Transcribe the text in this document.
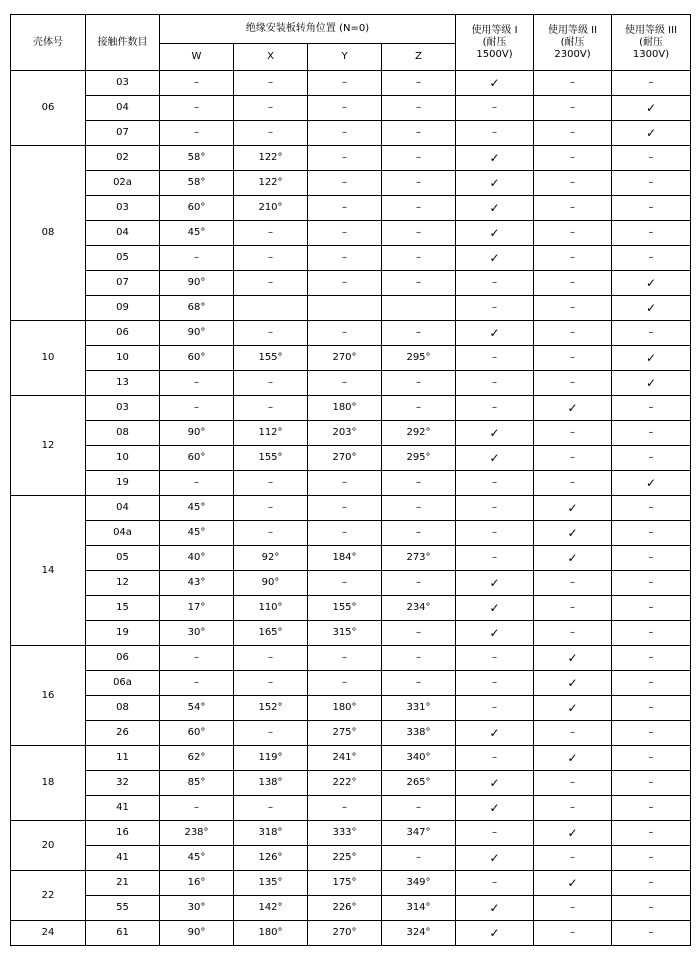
壳体号	接触件数目	绝缘安装板转角位置 (N=0)				使用等级 I
(耐压
1500V)	使用等级 II
(耐压
2300V)	使用等级 III
(耐压
1300V)

		W	X	Y	Z			
06	03	–	–	–	–	✓	–	–
	04	–	–	–	–	–	–	✓
	07	–	–	–	–	–	–	✓
08	02	58°	122°	–	–	✓	–	–
	02a	58°	122°	–	–	✓	–	–
	03	60°	210°	–	–	✓	–	–
	04	45°	–	–	–	✓	–	–
	05	–	–	–	–	✓	–	–
	07	90°	–	–	–	–	–	✓
	09	68°				–	–	✓
10	06	90°	–	–	–	✓	–	–
	10	60°	155°	270°	295°	–	–	✓
	13	–	–	–	–	–	–	✓
12	03	–	–	180°	–	–	✓	–
	08	90°	112°	203°	292°	✓	–	–
	10	60°	155°	270°	295°	✓	–	–
	19	–	–	–	–	–	–	✓
14	04	45°	–	–	–	–	✓	–
	04a	45°	–	–	–	–	✓	–
	05	40°	92°	184°	273°	–	✓	–
	12	43°	90°	–	–	✓	–	–
	15	17°	110°	155°	234°	✓	–	–
	19	30°	165°	315°	–	✓	–	–
16	06	–	–	–	–	–	✓	–
	06a	–	–	–	–	–	✓	–
	08	54°	152°	180°	331°	–	✓	–
	26	60°	–	275°	338°	✓	–	–
18	11	62°	119°	241°	340°	–	✓	–
	32	85°	138°	222°	265°	✓	–	–
	41	–	–	–	–	✓	–	–
20	16	238°	318°	333°	347°	–	✓	–
	41	45°	126°	225°	–	✓	–	–
22	21	16°	135°	175°	349°	–	✓	–
	55	30°	142°	226°	314°	✓	–	–
24	61	90°	180°	270°	324°	✓	–	–
